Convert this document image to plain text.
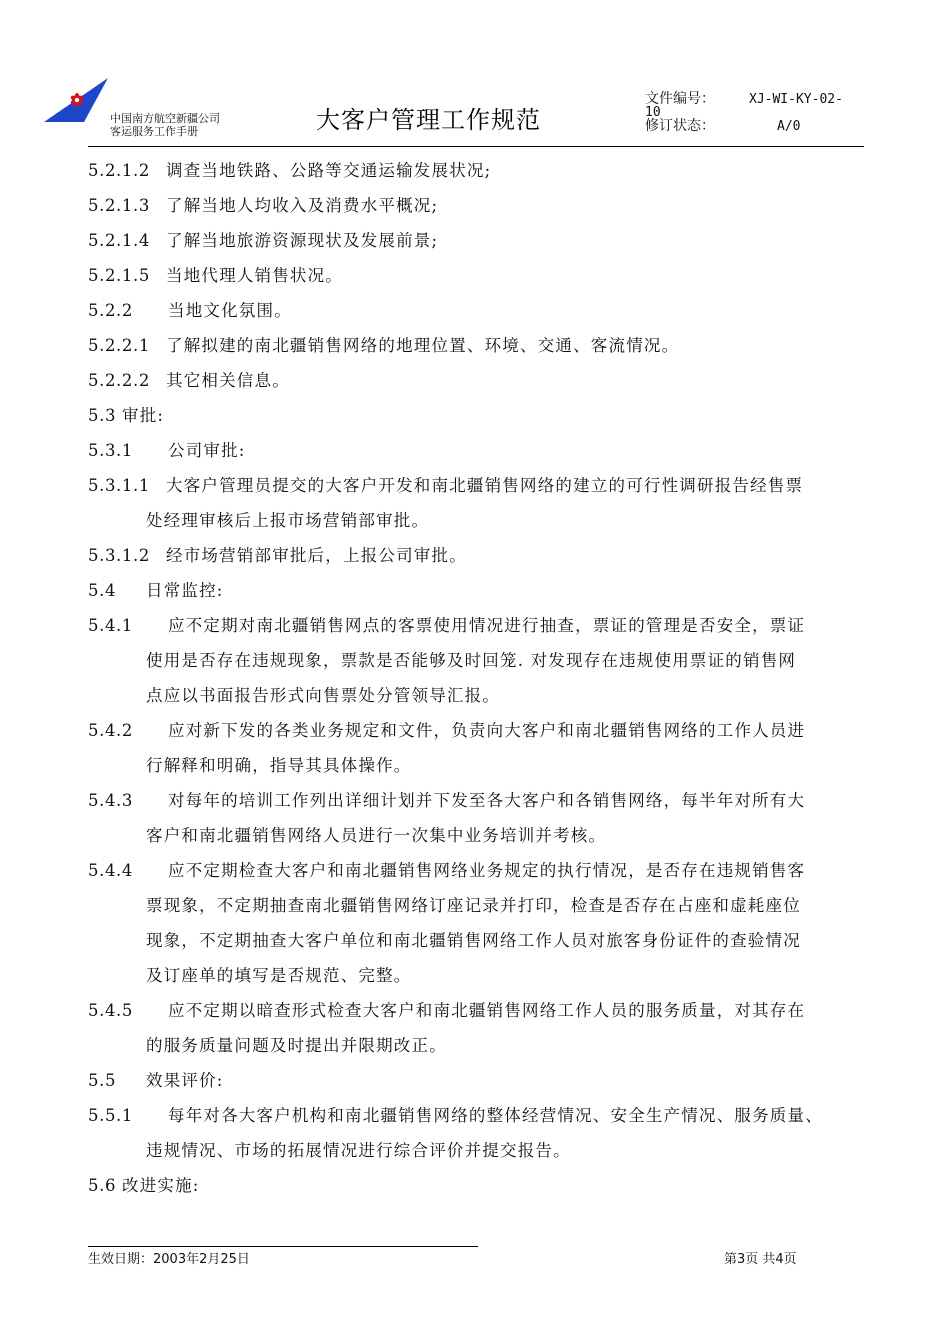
中国南方航空新疆公司
客运服务工作手册	大客户管理工作规范
文件编号：	XJ-WI-KY-02-
10
修订状态：	A/0
5.2.1.2 调查当地铁路、公路等交通运输发展状况;
5.2.1.3 了解当地人均收入及消费水平概况;
5.2.1.4 了解当地旅游资源现状及发展前景;
5.2.1.5 当地代理人销售状况。
5.2.2 当地文化氛围。
5.2.2.1 了解拟建的南北疆销售网络的地理位置、环境、交通、客流情况。
5.2.2.2 其它相关信息。
5.3 审批:
5.3.1 公司审批:
5.3.1.1 大客户管理员提交的大客户开发和南北疆销售网络的建立的可行性调研报告经售票
处经理审核后上报市场营销部审批。
5.3.1.2 经市场营销部审批后，上报公司审批。
5.4 日常监控:
5.4.1	应不定期对南北疆销售网点的客票使用情况进行抽查，票证的管理是否安全，票证
使用是否存在违规现象，票款是否能够及时回笼. 对发现存在违规使用票证的销售网
点应以书面报告形式向售票处分管领导汇报。
5.4.2	应对新下发的各类业务规定和文件，负责向大客户和南北疆销售网络的工作人员进
行解释和明确，指导其具体操作。
5.4.3	对每年的培训工作列出详细计划并下发至各大客户和各销售网络，每半年对所有大
客户和南北疆销售网络人员进行一次集中业务培训并考核。
5.4.4	应不定期检查大客户和南北疆销售网络业务规定的执行情况，是否存在违规销售客
票现象，不定期抽查南北疆销售网络订座记录并打印，检查是否存在占座和虚耗座位
现象，不定期抽查大客户单位和南北疆销售网络工作人员对旅客身份证件的查验情况
及订座单的填写是否规范、完整。
5.4.5	应不定期以暗查形式检查大客户和南北疆销售网络工作人员的服务质量，对其存在
的服务质量问题及时提出并限期改正。
5.5 效果评价:
5.5.1	每年对各大客户机构和南北疆销售网络的整体经营情况、安全生产情况、服务质量、
违规情况、市场的拓展情况进行综合评价并提交报告。
5.6 改进实施:
生效日期：2003年2月25日	第3页 共4页
